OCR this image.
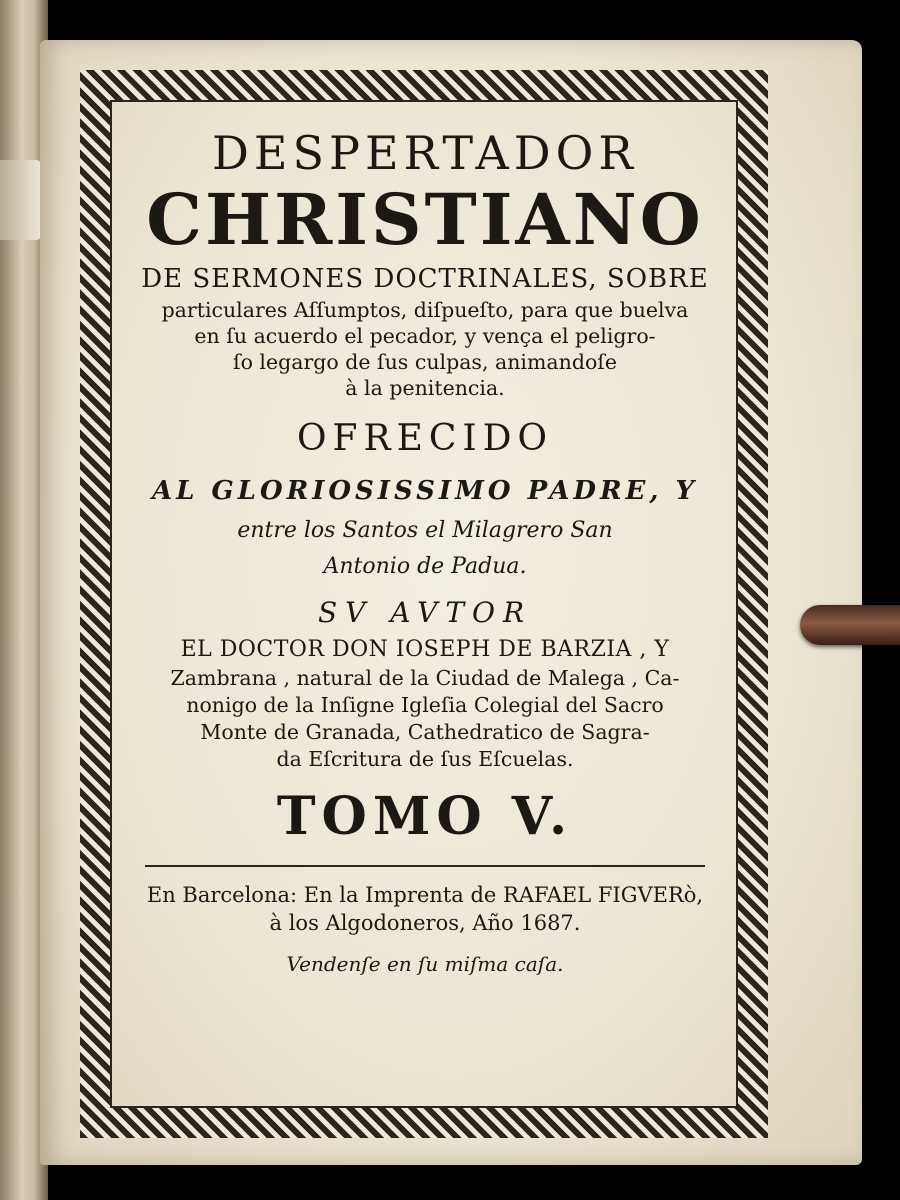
DESPERTADOR
CHRISTIANO
DE SERMONES DOCTRINALES, SOBRE
particulares Aſſumptos, diſpueſto, para que buelva
en ſu acuerdo el pecador, y vença el peligro-
ſo legargo de ſus culpas, animandoſe
à la penitencia.
OFRECIDO
AL GLORIOSISSIMO PADRE, Y
entre los Santos el Milagrero San
Antonio de Padua.
SV AVTOR
EL DOCTOR DON IOSEPH DE BARZIA , Y
Zambrana , natural de la Ciudad de Malega , Ca-
nonigo de la Inſigne Igleſia Colegial del Sacro
Monte de Granada, Cathedratico de Sagra-
da Eſcritura de ſus Eſcuelas.
TOMO V.
En Barcelona: En la Imprenta de RAFAEL FIGVERò,
à los Algodoneros, Año 1687.
Vendenſe en ſu miſma caſa.
